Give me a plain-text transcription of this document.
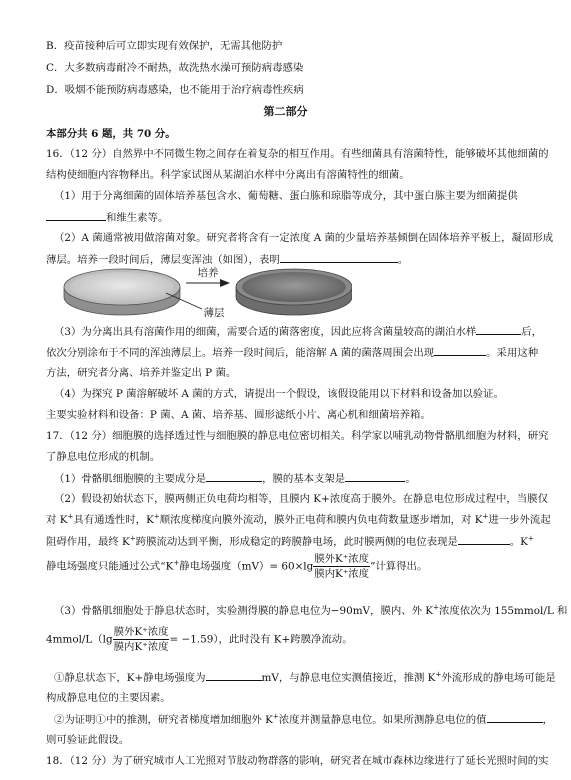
B．疫苗接种后可立即实现有效保护，无需其他防护
C．大多数病毒耐冷不耐热，故洗热水澡可预防病毒感染
D．吸烟不能预防病毒感染，也不能用于治疗病毒性疾病
第二部分
本部分共 6 题，共 70 分。
16．（12 分）自然界中不同微生物之间存在着复杂的相互作用。有些细菌具有溶菌特性，能够破坏其他细菌的
结构使细胞内容物释出。科学家试图从某湖泊水样中分离出有溶菌特性的细菌。
（1）用于分离细菌的固体培养基包含水、葡萄糖、蛋白胨和琼脂等成分，其中蛋白胨主要为细菌提供
和维生素等。
（2）A 菌通常被用做溶菌对象。研究者将含有一定浓度 A 菌的少量培养基倾倒在固体培养平板上，凝固形成
薄层。培养一段时间后，薄层变浑浊（如图），表明	。
培养
薄层
（3）为分离出具有溶菌作用的细菌，需要合适的菌落密度，因此应将含菌量较高的湖泊水样	后，
依次分别涂布于不同的浑浊薄层上。培养一段时间后，能溶解 A 菌的菌落周围会出现	。采用这种
方法，研究者分离、培养并鉴定出 P 菌。
（4）为探究 P 菌溶解破坏 A 菌的方式，请提出一个假设，该假设能用以下材料和设备加以验证。
主要实验材料和设备：P 菌、A 菌、培养基、圆形滤纸小片、离心机和细菌培养箱。
17．（12 分）细胞膜的选择透过性与细胞膜的静息电位密切相关。科学家以哺乳动物骨骼肌细胞为材料，研究
了静息电位形成的机制。
（1）骨骼肌细胞膜的主要成分是	，膜的基本支架是	。
（2）假设初始状态下，膜两侧正负电荷均相等，且膜内 K+浓度高于膜外。在静息电位形成过程中，当膜仅
对 K+具有通透性时，K+顺浓度梯度向膜外流动，膜外正电荷和膜内负电荷数量逐步增加，对 K+进一步外流起
阻碍作用，最终 K+跨膜流动达到平衡，形成稳定的跨膜静电场，此时膜两侧的电位表现是	。K+
静电场强度只能通过公式“K+静电场强度$(mV)= 60\times\lg \frac{\text{膜外K⁺浓度}}{\text{膜内K⁺浓度}}$ ”计算得出。
（3）骨骼肌细胞处于静息状态时，实验测得膜的静息电位为−90mV，膜内、外 K+浓度依次为 155mmol/L 和
4mmol/L（lg $\frac{\text{膜外K⁺浓度}}{\text{膜内K⁺浓度}} = -1.59$），此时没有 K+跨膜净流动。
①静息状态下，K+静电场强度为	mV，与静息电位实测值接近，推测 K+外流形成的静电场可能是
构成静息电位的主要因素。
②为证明①中的推测，研究者梯度增加细胞外 K+浓度并测量静息电位。如果所测静息电位的值	，
则可验证此假设。
18．（12 分）为了研究城市人工光照对节肢动物群落的影响，研究者在城市森林边缘进行了延长光照时间的实
